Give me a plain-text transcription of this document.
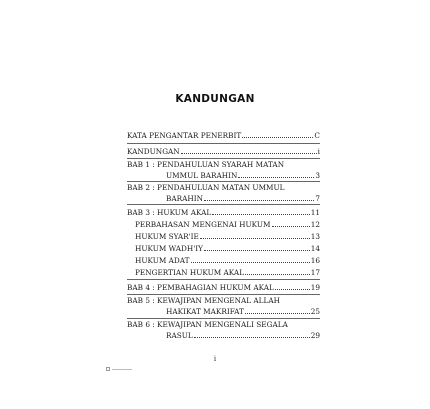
KANDUNGAN
KATA PENGANTAR PENERBIT	C
KANDUNGAN	i
BAB 1 : PENDAHULUAN SYARAH MATAN
UMMUL BARAHIN	3
BAB 2 : PENDAHULUAN MATAN UMMUL
BARAHIN	7
BAB 3 : HUKUM AKAL	11
PERBAHASAN MENGENAI HUKUM	12
HUKUM SYAR'IE	13
HUKUM WADH'IY	14
HUKUM ADAT	16
PENGERTIAN HUKUM AKAL	17
BAB 4 : PEMBAHAGIAN HUKUM AKAL	19
BAB 5 : KEWAJIPAN MENGENAL ALLAH
HAKIKAT MAKRIFAT	25
BAB 6 : KEWAJIPAN MENGENALI SEGALA
RASUL	29
i
